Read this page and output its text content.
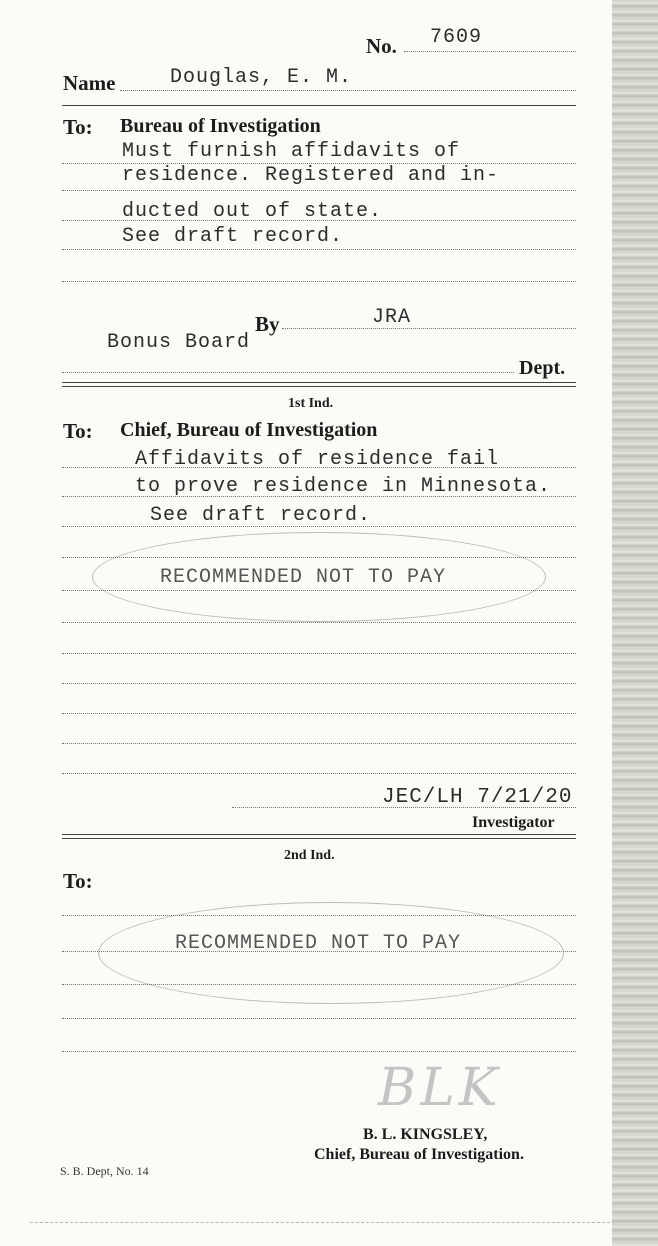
No. 7609
Name	Douglas, E. M.
To: Bureau of Investigation
Must furnish affidavits of
residence. Registered and in-
ducted out of state.
See draft record.
By	JRA
Bonus Board
Dept.
1st Ind.
To: Chief, Bureau of Investigation
Affidavits of residence fail
to prove residence in Minnesota.
See draft record.
RECOMMENDED NOT TO PAY
JEC/LH 7/21/20
Investigator
2nd Ind.
To:
RECOMMENDED NOT TO PAY
BLK
B. L. KINGSLEY,
Chief, Bureau of Investigation.
S. B. Dept, No. 14
